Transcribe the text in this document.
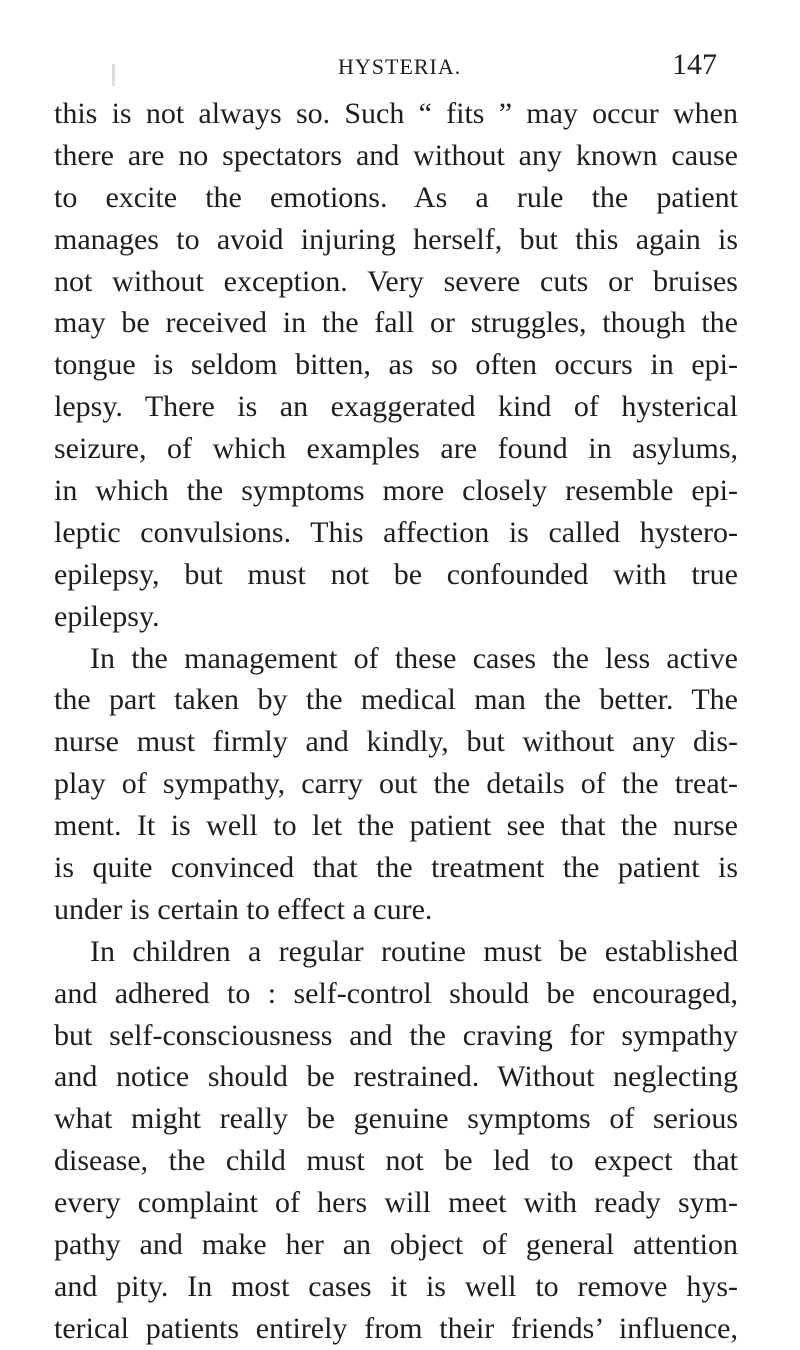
HYSTERIA.	147
this is not always so. Such “ fits ” may occur when
there are no spectators and without any known cause
to excite the emotions. As a rule the patient
manages to avoid injuring herself, but this again is
not without exception. Very severe cuts or bruises
may be received in the fall or struggles, though the
tongue is seldom bitten, as so often occurs in epi-
lepsy. There is an exaggerated kind of hysterical
seizure, of which examples are found in asylums,
in which the symptoms more closely resemble epi-
leptic convulsions. This affection is called hystero-
epilepsy, but must not be confounded with true
epilepsy.
In the management of these cases the less active
the part taken by the medical man the better. The
nurse must firmly and kindly, but without any dis-
play of sympathy, carry out the details of the treat-
ment. It is well to let the patient see that the nurse
is quite convinced that the treatment the patient is
under is certain to effect a cure.
In children a regular routine must be established
and adhered to : self-control should be encouraged,
but self-consciousness and the craving for sympathy
and notice should be restrained. Without neglecting
what might really be genuine symptoms of serious
disease, the child must not be led to expect that
every complaint of hers will meet with ready sym-
pathy and make her an object of general attention
and pity. In most cases it is well to remove hys-
terical patients entirely from their friends’ influence,
